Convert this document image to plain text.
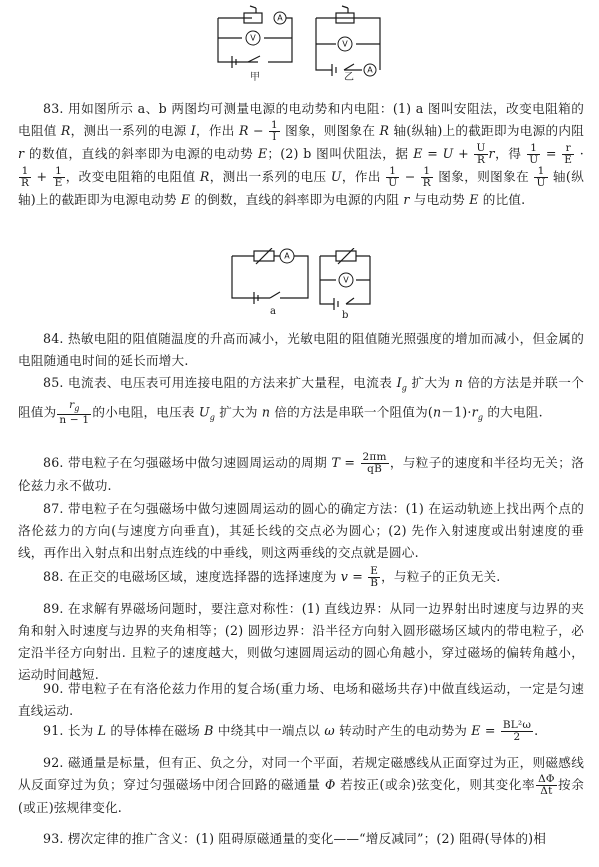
A
V
甲
V
A
乙
83. 用如图所示 a、b 两图均可测量电源的电动势和内电阻：(1) a 图叫安阻法，改变电阻箱的电阻值 R，测出一系列的电源 I，作出 $R - \frac{1}{I}$ 图象，则图象在 R 轴(纵轴)上的截距即为电源的内阻 r 的数值，直线的斜率即为电源的电动势 E；(2) b 图叫伏阻法，据 $E = U + \frac{U}{R}$ r，得 $\frac{1}{U} = \frac{r}{E}$ ·
$\frac{1}{R} + \frac{1}{E}$ ，改变电阻箱的电阻值 R，测出一系列的电压 U，作出 $\frac{1}{U} - \frac{1}{R}$ 图象，则图象在 $\frac{1}{U}$ 轴(纵轴)上的截距即为电源电动势 E 的倒数，直线的斜率即为电源的内阻 r 与电动势 E 的比值.
A
a
V
b
84. 热敏电阻的阻值随温度的升高而减小，光敏电阻的阻值随光照强度的增加而减小，但金属的电阻随通电时间的延长而增大.
85. 电流表、电压表可用连接电阻的方法来扩大量程，电流表 $I_g$ 扩大为 n 倍的方法是并联一个阻值为 $\frac{r_g}{n - 1}$ 的小电阻，电压表 $U_g$ 扩大为 n 倍的方法是串联一个阻值为$(n-1)\cdot r_g$ 的大电阻.
86. 带电粒子在匀强磁场中做匀速圆周运动的周期 $T = \frac{2\pi m}{qB}$ ，与粒子的速度和半径均无关；洛伦兹力永不做功.
87. 带电粒子在匀强磁场中做匀速圆周运动的圆心的确定方法：(1) 在运动轨迹上找出两个点的洛伦兹力的方向(与速度方向垂直)，其延长线的交点必为圆心；(2) 先作入射速度或出射速度的垂线，再作出入射点和出射点连线的中垂线，则这两垂线的交点就是圆心.
88. 在正交的电磁场区域，速度选择器的选择速度为 $v = \frac{E}{B}$ ，与粒子的正负无关.
89. 在求解有界磁场问题时，要注意对称性：(1) 直线边界：从同一边界射出时速度与边界的夹角和射入时速度与边界的夹角相等；(2) 圆形边界：沿半径方向射入圆形磁场区域内的带电粒子，必定沿半径方向射出. 且粒子的速度越大，则做匀速圆周运动的圆心角越小，穿过磁场的偏转角越小，运动时间越短.
90. 带电粒子在有洛伦兹力作用的复合场(重力场、电场和磁场共存)中做直线运动，一定是匀速直线运动.
91. 长为 L 的导体棒在磁场 B 中绕其中一端点以 ω 转动时产生的电动势为 $E = \frac{\text{BL²ω}}{2}$ .
92. 磁通量是标量，但有正、负之分，对同一个平面，若规定磁感线从正面穿过为正，则磁感线从反面穿过为负；穿过匀强磁场中闭合回路的磁通量 Φ 若按正(或余)弦变化，则其变化率 $\frac{\Delta\Phi}{\Delta t}$ 按余(或正)弦规律变化.
93. 楞次定律的推广含义：(1) 阻碍原磁通量的变化——“增反减同”；(2) 阻碍(导体的)相
